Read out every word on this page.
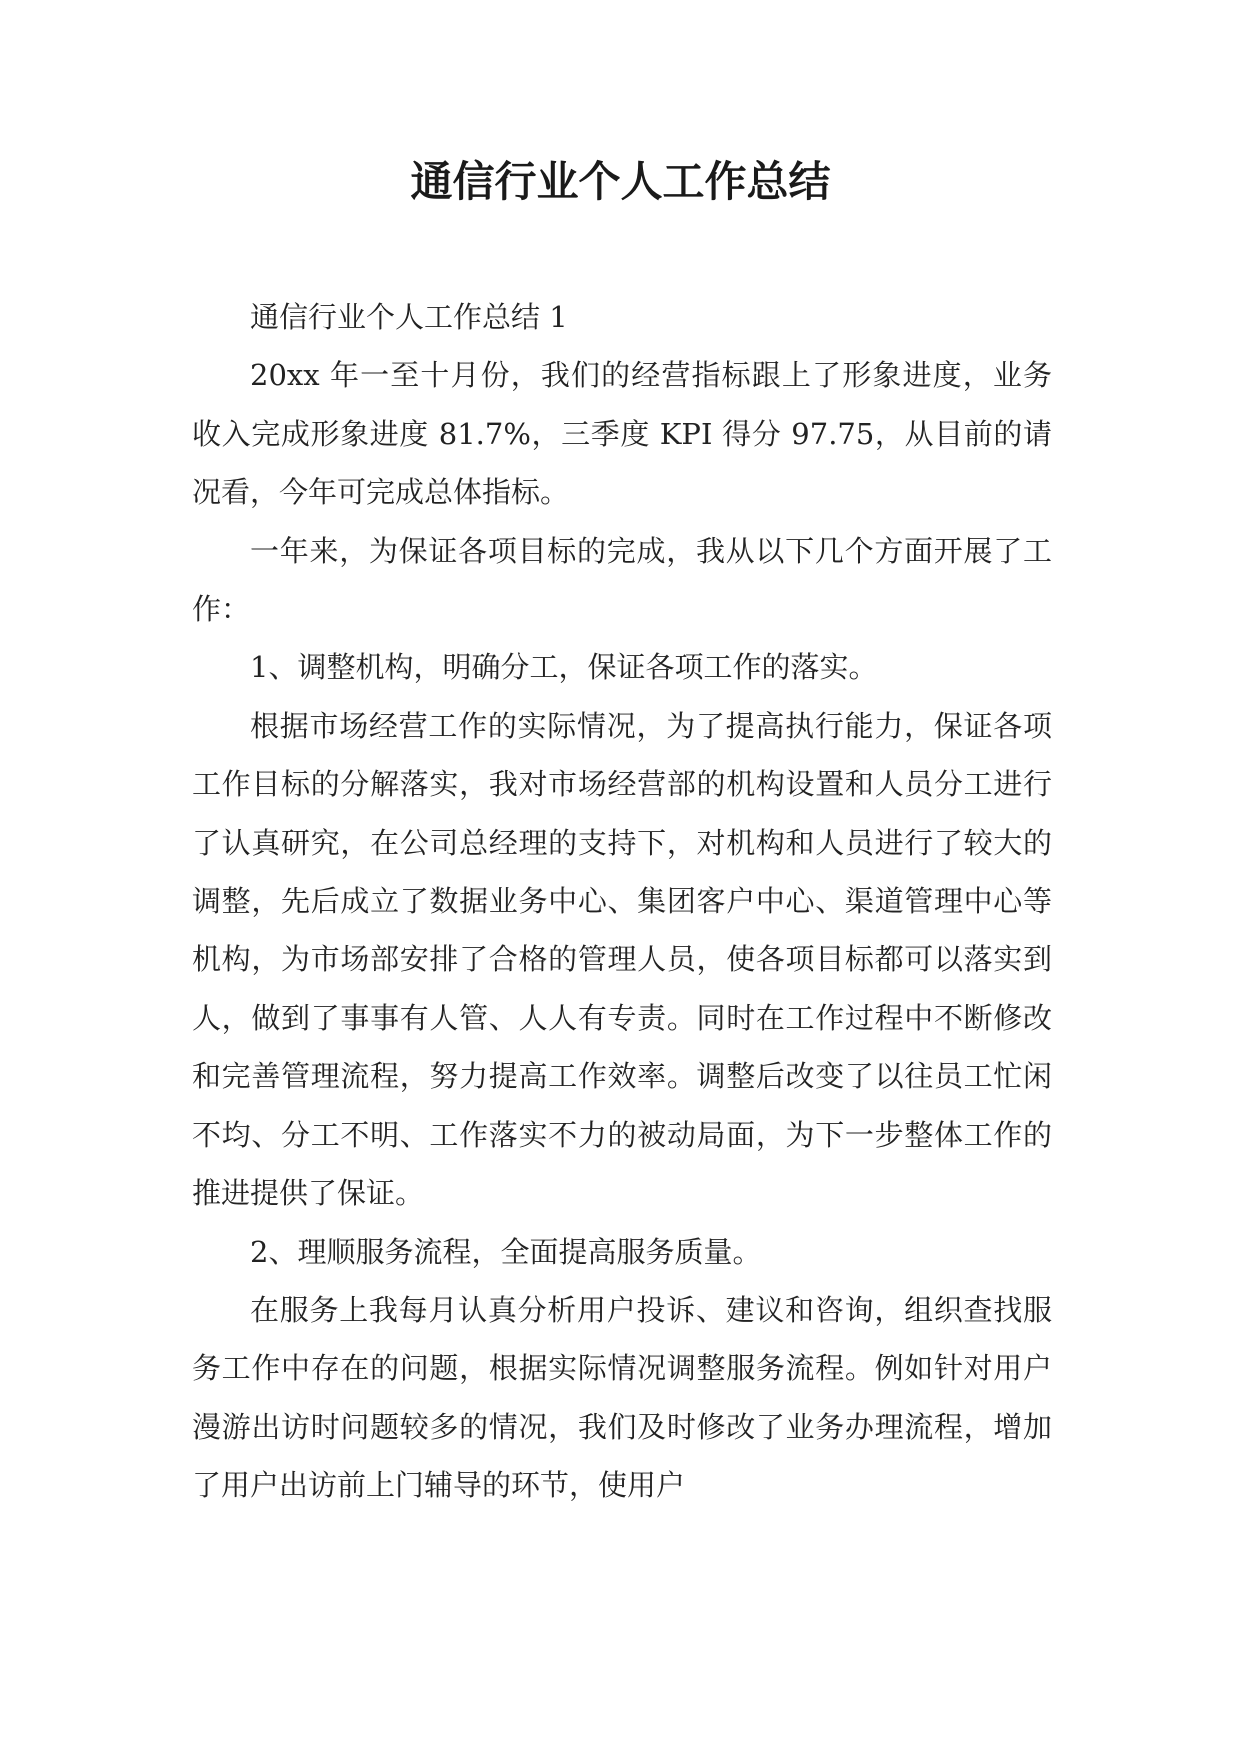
通信行业个人工作总结

通信行业个人工作总结 1

20xx 年一至十月份，我们的经营指标跟上了形象进度，业务收入完成形象进度 81.7%，三季度 KPI 得分 97.75，从目前的请况看，今年可完成总体指标。

一年来，为保证各项目标的完成，我从以下几个方面开展了工作：

1、调整机构，明确分工，保证各项工作的落实。

根据市场经营工作的实际情况，为了提高执行能力，保证各项工作目标的分解落实，我对市场经营部的机构设置和人员分工进行了认真研究，在公司总经理的支持下，对机构和人员进行了较大的调整，先后成立了数据业务中心、集团客户中心、渠道管理中心等机构，为市场部安排了合格的管理人员，使各项目标都可以落实到人，做到了事事有人管、人人有专责。同时在工作过程中不断修改和完善管理流程，努力提高工作效率。调整后改变了以往员工忙闲不均、分工不明、工作落实不力的被动局面，为下一步整体工作的推进提供了保证。

2、理顺服务流程，全面提高服务质量。

在服务上我每月认真分析用户投诉、建议和咨询，组织查找服务工作中存在的问题，根据实际情况调整服务流程。例如针对用户漫游出访时问题较多的情况，我们及时修改了业务办理流程，增加了用户出访前上门辅导的环节，使用户
